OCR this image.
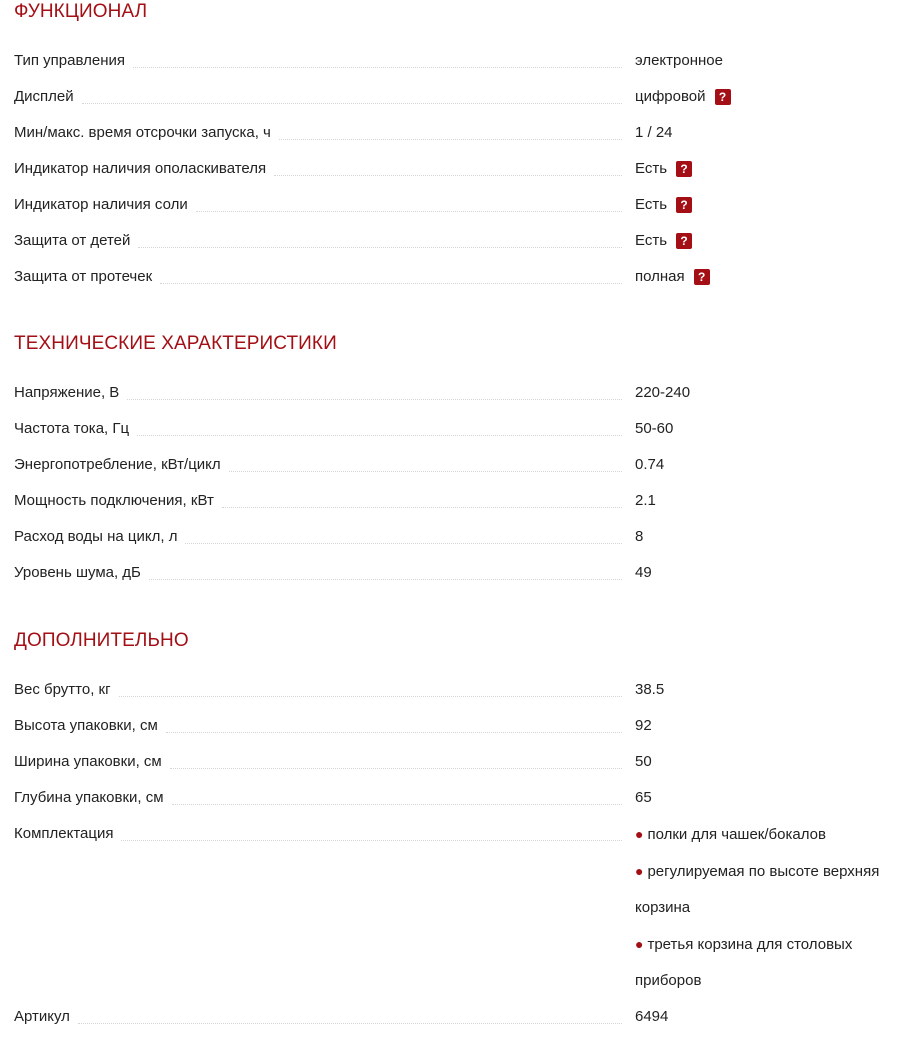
ФУНКЦИОНАЛ
Тип управления	электронное
Дисплей	цифровой	?
Мин/макс. время отсрочки запуска, ч	1 / 24
Индикатор наличия ополаскивателя	Есть	?
Индикатор наличия соли	Есть	?
Защита от детей	Есть	?
Защита от протечек	полная	?
ТЕХНИЧЕСКИЕ ХАРАКТЕРИСТИКИ
Напряжение, В	220-240
Частота тока, Гц	50-60
Энергопотребление, кВт/цикл	0.74
Мощность подключения, кВт	2.1
Расход воды на цикл, л	8
Уровень шума, дБ	49
ДОПОЛНИТЕЛЬНО
Вес брутто, кг	38.5
Высота упаковки, см	92
Ширина упаковки, см	50
Глубина упаковки, см	65
Комплектация	● полки для чашек/бокалов
● регулируемая по высоте верхняя корзина
● третья корзина для столовых приборов
Артикул	6494
